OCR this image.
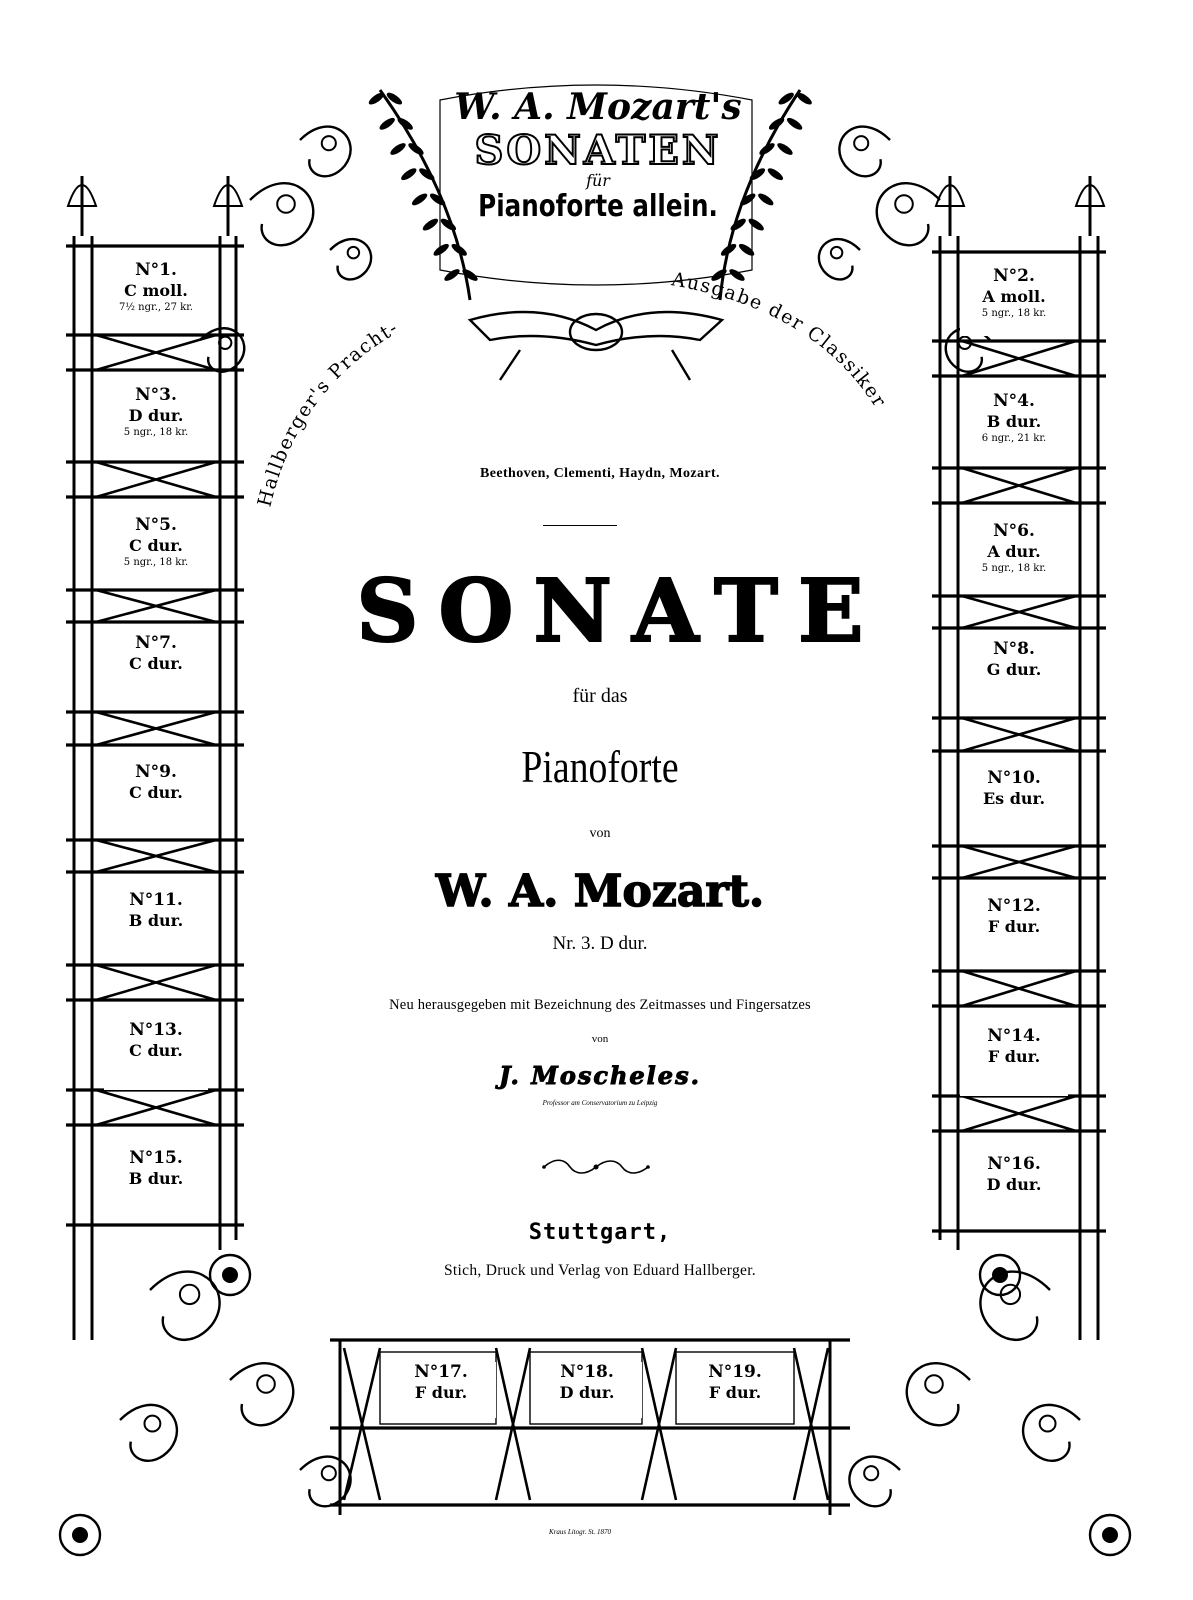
Hallberger's Pracht-
Ausgabe der Classiker
W. A. Mozart's
SONATEN
für
Pianoforte allein.
N°1.
C moll.
7½ ngr., 27 kr.
N°3.
D dur.
5 ngr., 18 kr.
N°5.
C dur.
5 ngr., 18 kr.
N°7.
C dur.
N°9.
C dur.
N°11.
B dur.
N°13.
C dur.
N°15.
B dur.
N°2.
A moll.
5 ngr., 18 kr.
N°4.
B dur.
6 ngr., 21 kr.
N°6.
A dur.
5 ngr., 18 kr.
N°8.
G dur.
N°10.
Es dur.
N°12.
F dur.
N°14.
F dur.
N°16.
D dur.
N°17.
F dur.
N°18.
D dur.
N°19.
F dur.
Beethoven, Clementi, Haydn, Mozart.
SONATE
für das
Pianoforte
von
W. A. Mozart.
Nr. 3. D dur.
Neu herausgegeben mit Bezeichnung des Zeitmasses und Fingersatzes
von
J. Moscheles.
Professor am Conservatorium zu Leipzig
Stuttgart,
Stich, Druck und Verlag von Eduard Hallberger.
Kraus Litogr. St. 1870
